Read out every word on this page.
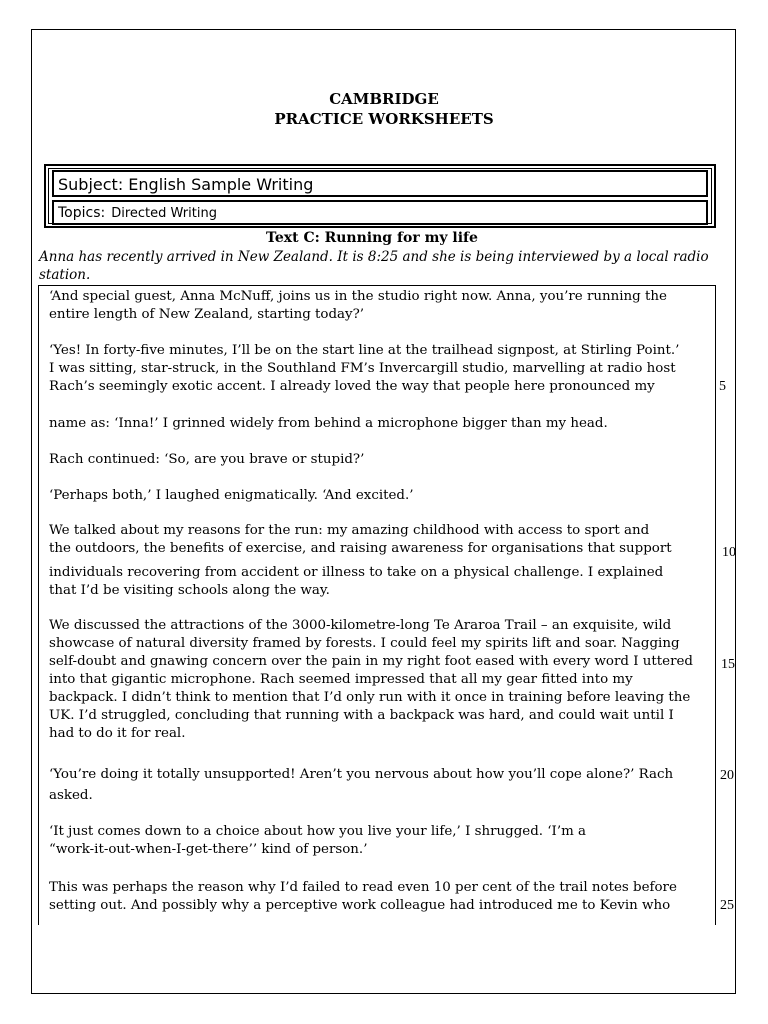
CAMBRIDGE
PRACTICE WORKSHEETS
Subject: English Sample Writing
Topics: Directed Writing
Text C: Running for my life
Anna has recently arrived in New Zealand. It is 8:25 and she is being interviewed by a local radio station.
‘And special guest, Anna McNuff, joins us in the studio right now. Anna, you’re running the
entire length of New Zealand, starting today?’
‘Yes! In forty-five minutes, I’ll be on the start line at the trailhead signpost, at Stirling Point.’
I was sitting, star-struck, in the Southland FM’s Invercargill studio, marvelling at radio host
Rach’s seemingly exotic accent. I already loved the way that people here pronounced my
name as: ‘Inna!’ I grinned widely from behind a microphone bigger than my head.
Rach continued: ‘So, are you brave or stupid?’
‘Perhaps both,’ I laughed enigmatically. ‘And excited.’
We talked about my reasons for the run: my amazing childhood with access to sport and
the outdoors, the benefits of exercise, and raising awareness for organisations that support
individuals recovering from accident or illness to take on a physical challenge. I explained
that I’d be visiting schools along the way.
We discussed the attractions of the 3000-kilometre-long Te Araroa Trail – an exquisite, wild
showcase of natural diversity framed by forests. I could feel my spirits lift and soar. Nagging
self-doubt and gnawing concern over the pain in my right foot eased with every word I uttered
into that gigantic microphone. Rach seemed impressed that all my gear fitted into my
backpack. I didn’t think to mention that I’d only run with it once in training before leaving the
UK. I’d struggled, concluding that running with a backpack was hard, and could wait until I
had to do it for real.
‘You’re doing it totally unsupported! Aren’t you nervous about how you’ll cope alone?’ Rach
asked.
‘It just comes down to a choice about how you live your life,’ I shrugged. ‘I’m a
“work-it-out-when-I-get-there’’ kind of person.’
This was perhaps the reason why I’d failed to read even 10 per cent of the trail notes before
setting out. And possibly why a perceptive work colleague had introduced me to Kevin who
5
10
15
20
25
